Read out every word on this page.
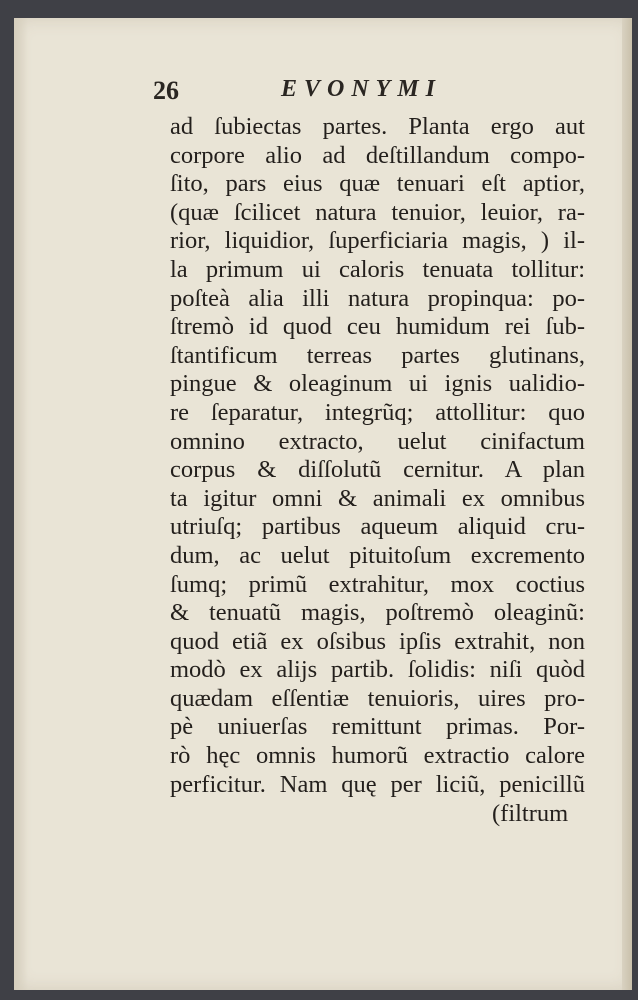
26	EVONYMI
ad ſubiectas partes. Planta ergo aut
corpore alio ad deſtillandum compo-
ſito, pars eius quæ tenuari eſt aptior,
(quæ ſcilicet natura tenuior, leuior, ra-
rior, liquidior, ſuperficiaria magis, ) il-
la primum ui caloris tenuata tollitur:
poſteà alia illi natura propinqua: po-
ſtremò id quod ceu humidum rei ſub-
ſtantificum terreas partes glutinans,
pingue & oleaginum ui ignis ualidio-
re ſeparatur, integrũq; attollitur: quo
omnino extracto, uelut cinifactum
corpus & diſſolutũ cernitur. A plan
ta igitur omni & animali ex omnibus
utriuſq; partibus aqueum aliquid cru-
dum, ac uelut pituitoſum excremento
ſumq; primũ extrahitur, mox coctius
& tenuatũ magis, poſtremò oleaginũ:
quod etiã ex oſsibus ipſis extrahit, non
modò ex alijs partib. ſolidis: niſi quòd
quædam eſſentiæ tenuioris, uires pro-
pè uniuerſas remittunt primas. Por-
rò hęc omnis humorũ extractio calore
perficitur. Nam quę per liciũ, penicillũ
(filtrum
